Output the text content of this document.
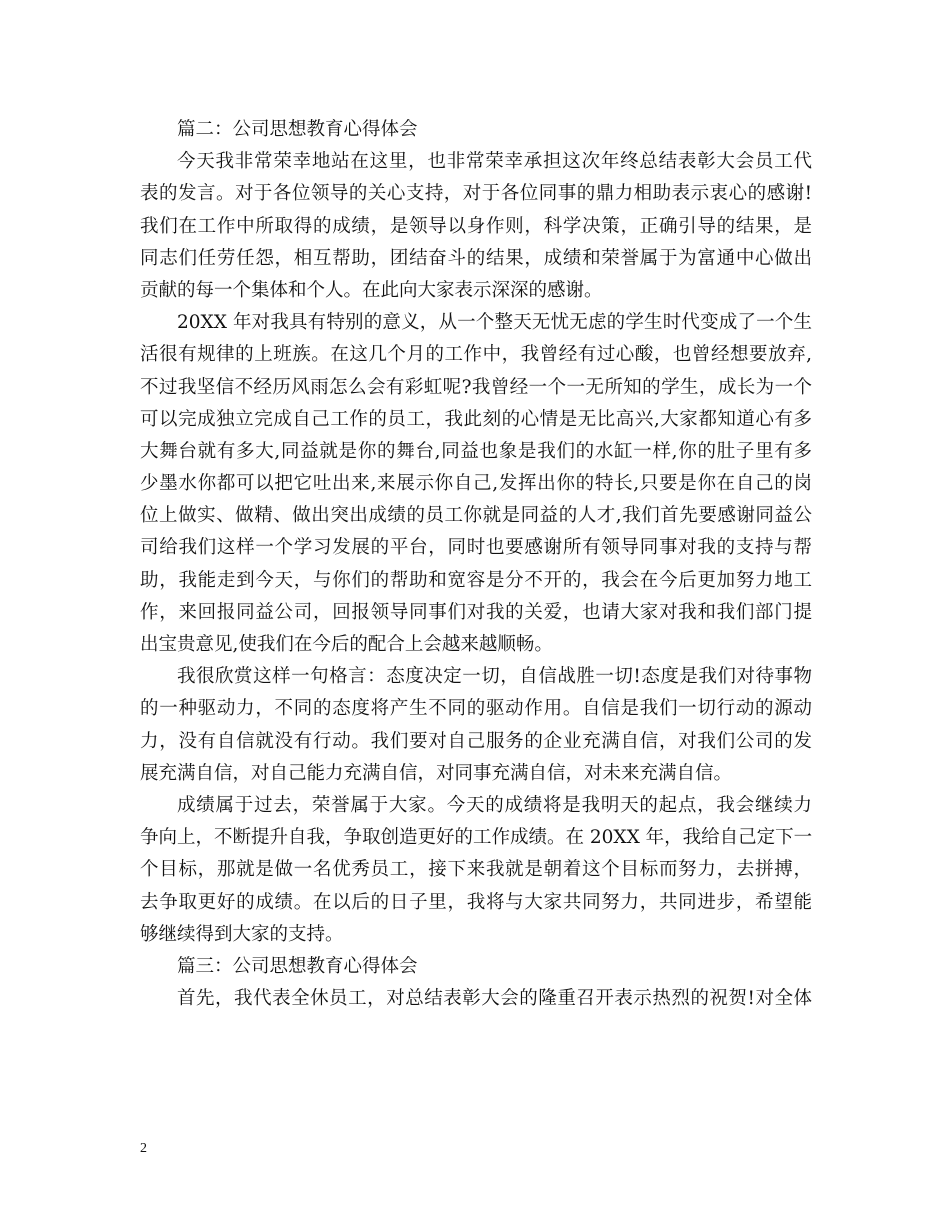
篇二：公司思想教育心得体会
今天我非常荣幸地站在这里，也非常荣幸承担这次年终总结表彰大会员工代
表的发言。对于各位领导的关心支持，对于各位同事的鼎力相助表示衷心的感谢!
我们在工作中所取得的成绩，是领导以身作则，科学决策，正确引导的结果，是
同志们任劳任怨，相互帮助，团结奋斗的结果，成绩和荣誉属于为富通中心做出
贡献的每一个集体和个人。在此向大家表示深深的感谢。
20XX 年对我具有特别的意义，从一个整天无忧无虑的学生时代变成了一个生
活很有规律的上班族。在这几个月的工作中，我曾经有过心酸，也曾经想要放弃,
不过我坚信不经历风雨怎么会有彩虹呢?我曾经一个一无所知的学生，成长为一个
可以完成独立完成自己工作的员工，我此刻的心情是无比高兴,大家都知道心有多
大舞台就有多大,同益就是你的舞台,同益也象是我们的水缸一样,你的肚子里有多
少墨水你都可以把它吐出来,来展示你自己,发挥出你的特长,只要是你在自己的岗
位上做实、做精、做出突出成绩的员工你就是同益的人才,我们首先要感谢同益公
司给我们这样一个学习发展的平台，同时也要感谢所有领导同事对我的支持与帮
助，我能走到今天，与你们的帮助和宽容是分不开的，我会在今后更加努力地工
作，来回报同益公司，回报领导同事们对我的关爱，也请大家对我和我们部门提
出宝贵意见,使我们在今后的配合上会越来越顺畅。
我很欣赏这样一句格言：态度决定一切，自信战胜一切!态度是我们对待事物
的一种驱动力，不同的态度将产生不同的驱动作用。自信是我们一切行动的源动
力，没有自信就没有行动。我们要对自己服务的企业充满自信，对我们公司的发
展充满自信，对自己能力充满自信，对同事充满自信，对未来充满自信。
成绩属于过去，荣誉属于大家。今天的成绩将是我明天的起点，我会继续力
争向上，不断提升自我，争取创造更好的工作成绩。在 20XX 年，我给自己定下一
个目标，那就是做一名优秀员工，接下来我就是朝着这个目标而努力，去拼搏，
去争取更好的成绩。在以后的日子里，我将与大家共同努力，共同进步，希望能
够继续得到大家的支持。
篇三：公司思想教育心得体会
首先，我代表全休员工，对总结表彰大会的隆重召开表示热烈的祝贺!对全体
2
